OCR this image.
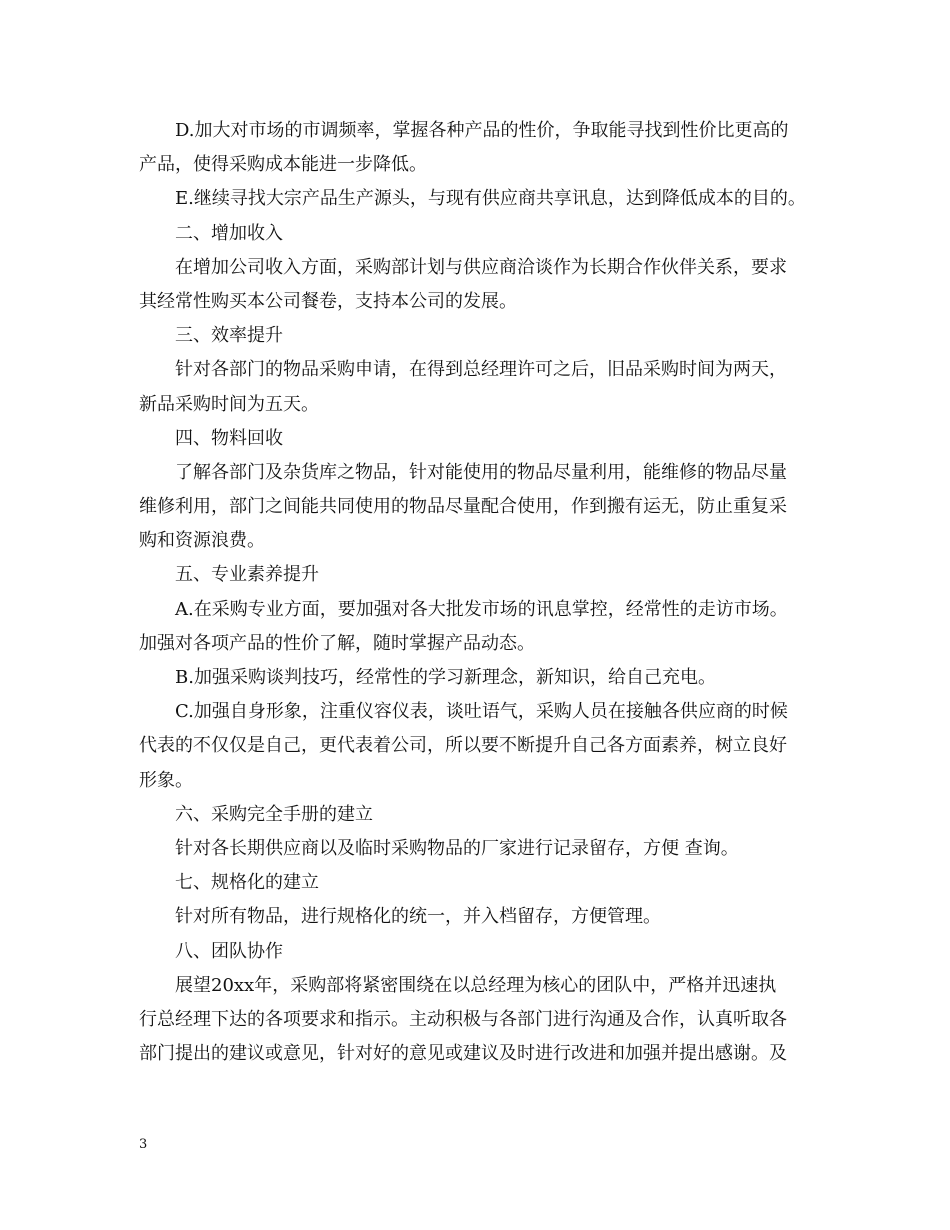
D.加大对市场的市调频率，掌握各种产品的性价，争取能寻找到性价比更高的
产品，使得采购成本能进一步降低。
E.继续寻找大宗产品生产源头，与现有供应商共享讯息，达到降低成本的目的。
二、增加收入
在增加公司收入方面，采购部计划与供应商洽谈作为长期合作伙伴关系，要求
其经常性购买本公司餐卷，支持本公司的发展。
三、效率提升
针对各部门的物品采购申请，在得到总经理许可之后，旧品采购时间为两天，
新品采购时间为五天。
四、物料回收
了解各部门及杂货库之物品，针对能使用的物品尽量利用，能维修的物品尽量
维修利用，部门之间能共同使用的物品尽量配合使用，作到搬有运无，防止重复采
购和资源浪费。
五、专业素养提升
A.在采购专业方面，要加强对各大批发市场的讯息掌控，经常性的走访市场。
加强对各项产品的性价了解，随时掌握产品动态。
B.加强采购谈判技巧，经常性的学习新理念，新知识，给自己充电。
C.加强自身形象，注重仪容仪表，谈吐语气，采购人员在接触各供应商的时候
代表的不仅仅是自己，更代表着公司，所以要不断提升自己各方面素养，树立良好
形象。
六、采购完全手册的建立
针对各长期供应商以及临时采购物品的厂家进行记录留存，方便 查询。
七、规格化的建立
针对所有物品，进行规格化的统一，并入档留存，方便管理。
八、团队协作
展望20xx年，采购部将紧密围绕在以总经理为核心的团队中，严格并迅速执
行总经理下达的各项要求和指示。主动积极与各部门进行沟通及合作，认真听取各
部门提出的建议或意见，针对好的意见或建议及时进行改进和加强并提出感谢。及
3
